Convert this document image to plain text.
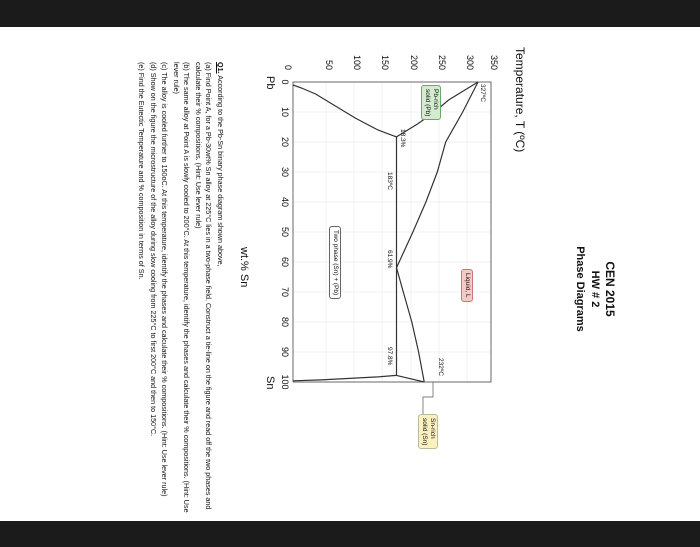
CEN 2015
HW # 2
Phase Diagrams
Temperature, T (ºC)
350
300
250
200
150
100
50
0
0
10
20
30
40
50
60
70
80
90
100
Pb
Sn
wt.% Sn
327ºC
232ºC
183ºC
18.3%
61.9%
97.8%
Liquid, L
Pb-rich
solid (Pb)
Sn-rich
solid (Sn)
Two phase (Sn) + (Pb)

Q1. According to the Pb-Sn binary phase diagram shown above,

(a) Find Point A, for a Pb-30wt% Sn alloy at 225°C lies in a two-phase field. Construct a tie-line on the figure and read off the two phases and calculate their % compositions. (Hint: Use lever rule)

(b) The same alloy at Point A is slowly cooled to 200°C. At this temperature, identify the phases and calculate their % compositions. (Hint: Use lever rule)

(c) The alloy is cooled further to 150oC. At this temperature, identify the phases and calculate their % compositions. (Hint: Use lever rule)

(d) Show on the figure the microstructure of the alloy during slow cooling from 225°C to first 200°C and then to 150°C.

(e) Find the Eutectic Temperature and % composition in terms of Sn.
